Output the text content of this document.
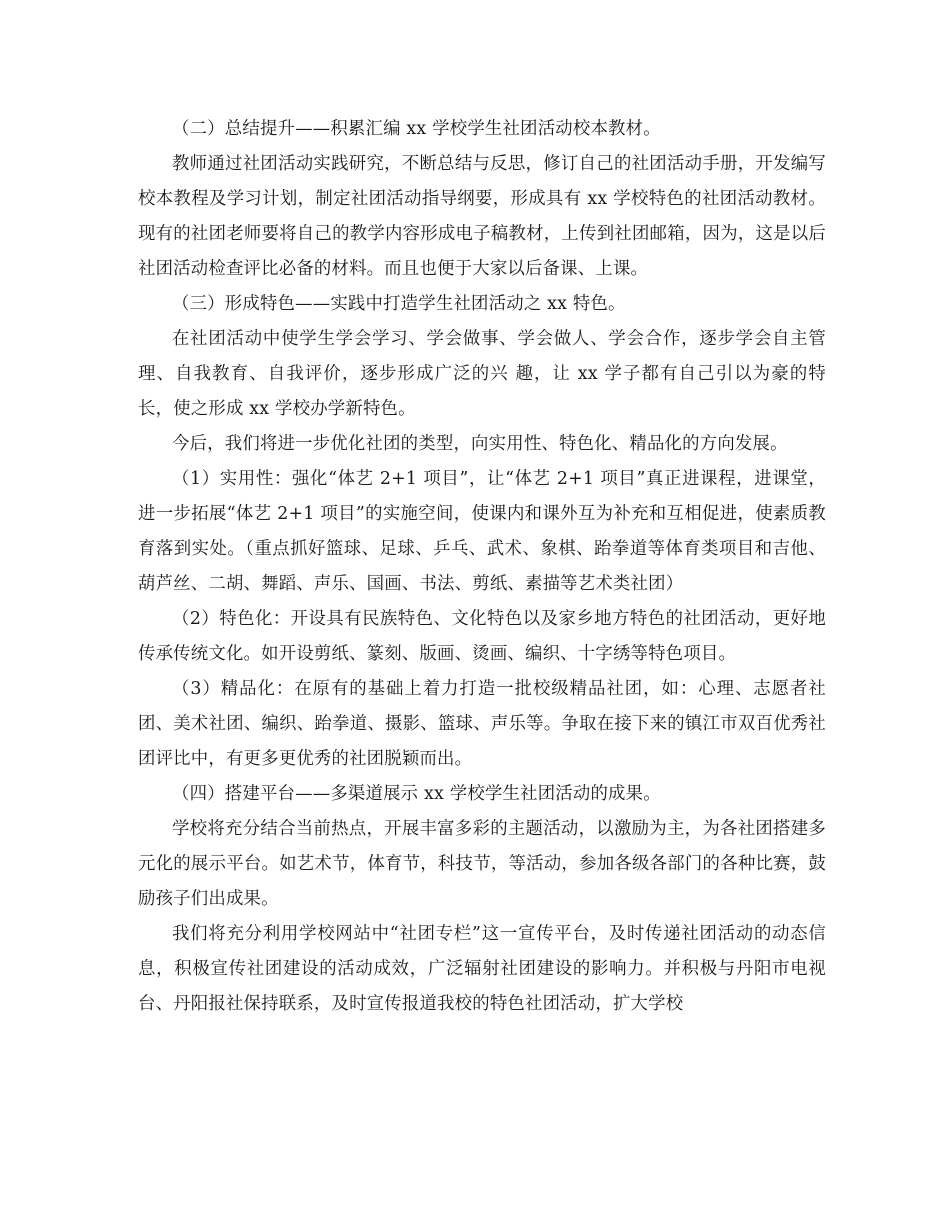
（二）总结提升——积累汇编 xx 学校学生社团活动校本教材。

教师通过社团活动实践研究，不断总结与反思，修订自己的社团活动手册，开发编写校本教程及学习计划，制定社团活动指导纲要，形成具有 xx 学校特色的社团活动教材。现有的社团老师要将自己的教学内容形成电子稿教材，上传到社团邮箱，因为，这是以后社团活动检查评比必备的材料。而且也便于大家以后备课、上课。

（三）形成特色——实践中打造学生社团活动之 xx 特色。

在社团活动中使学生学会学习、学会做事、学会做人、学会合作，逐步学会自主管理、自我教育、自我评价，逐步形成广泛的兴 趣，让 xx 学子都有自己引以为豪的特长，使之形成 xx 学校办学新特色。

今后，我们将进一步优化社团的类型，向实用性、特色化、精品化的方向发展。

（1）实用性：强化“体艺 2+1 项目”，让“体艺 2+1 项目”真正进课程，进课堂，进一步拓展“体艺 2+1 项目”的实施空间，使课内和课外互为补充和互相促进，使素质教育落到实处。（重点抓好篮球、足球、乒乓、武术、象棋、跆拳道等体育类项目和吉他、葫芦丝、二胡、舞蹈、声乐、国画、书法、剪纸、素描等艺术类社团）

（2）特色化：开设具有民族特色、文化特色以及家乡地方特色的社团活动，更好地传承传统文化。如开设剪纸、篆刻、版画、烫画、编织、十字绣等特色项目。

（3）精品化：在原有的基础上着力打造一批校级精品社团，如：心理、志愿者社团、美术社团、编织、跆拳道、摄影、篮球、声乐等。争取在接下来的镇江市双百优秀社团评比中，有更多更优秀的社团脱颖而出。

（四）搭建平台——多渠道展示 xx 学校学生社团活动的成果。

学校将充分结合当前热点，开展丰富多彩的主题活动，以激励为主，为各社团搭建多元化的展示平台。如艺术节，体育节，科技节，等活动，参加各级各部门的各种比赛，鼓励孩子们出成果。

我们将充分利用学校网站中“社团专栏”这一宣传平台，及时传递社团活动的动态信息，积极宣传社团建设的活动成效，广泛辐射社团建设的影响力。并积极与丹阳市电视台、丹阳报社保持联系，及时宣传报道我校的特色社团活动，扩大学校
